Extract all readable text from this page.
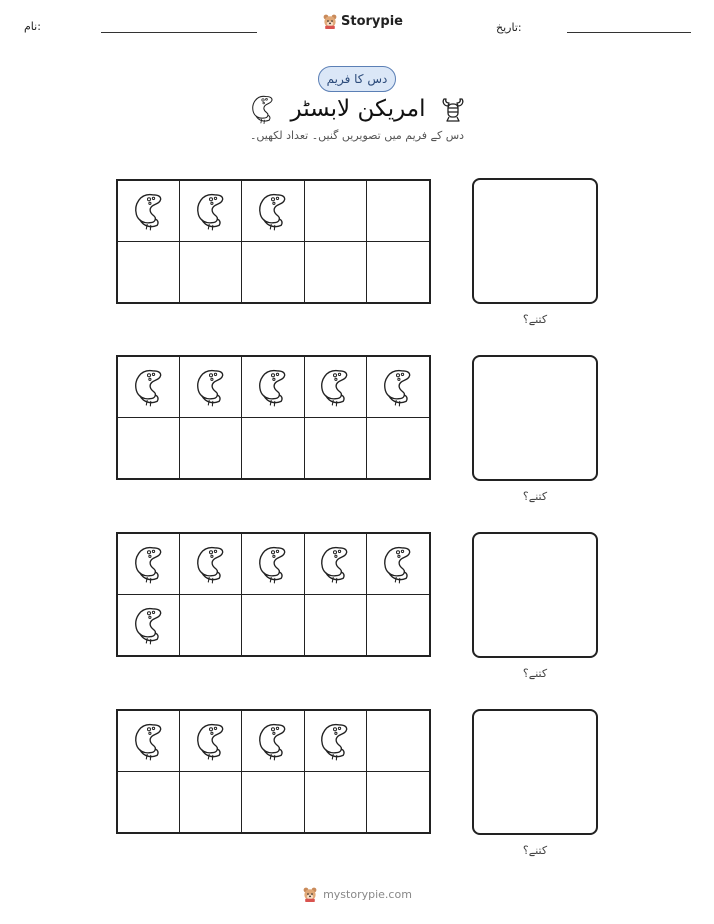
نام:	Storypie	تاریخ:
دس کا فریم
امریکن لابسٹر
دس کے فریم میں تصویریں گنیں۔ تعداد لکھیں۔
کتنے؟
کتنے؟
کتنے؟
کتنے؟
mystorypie.com
